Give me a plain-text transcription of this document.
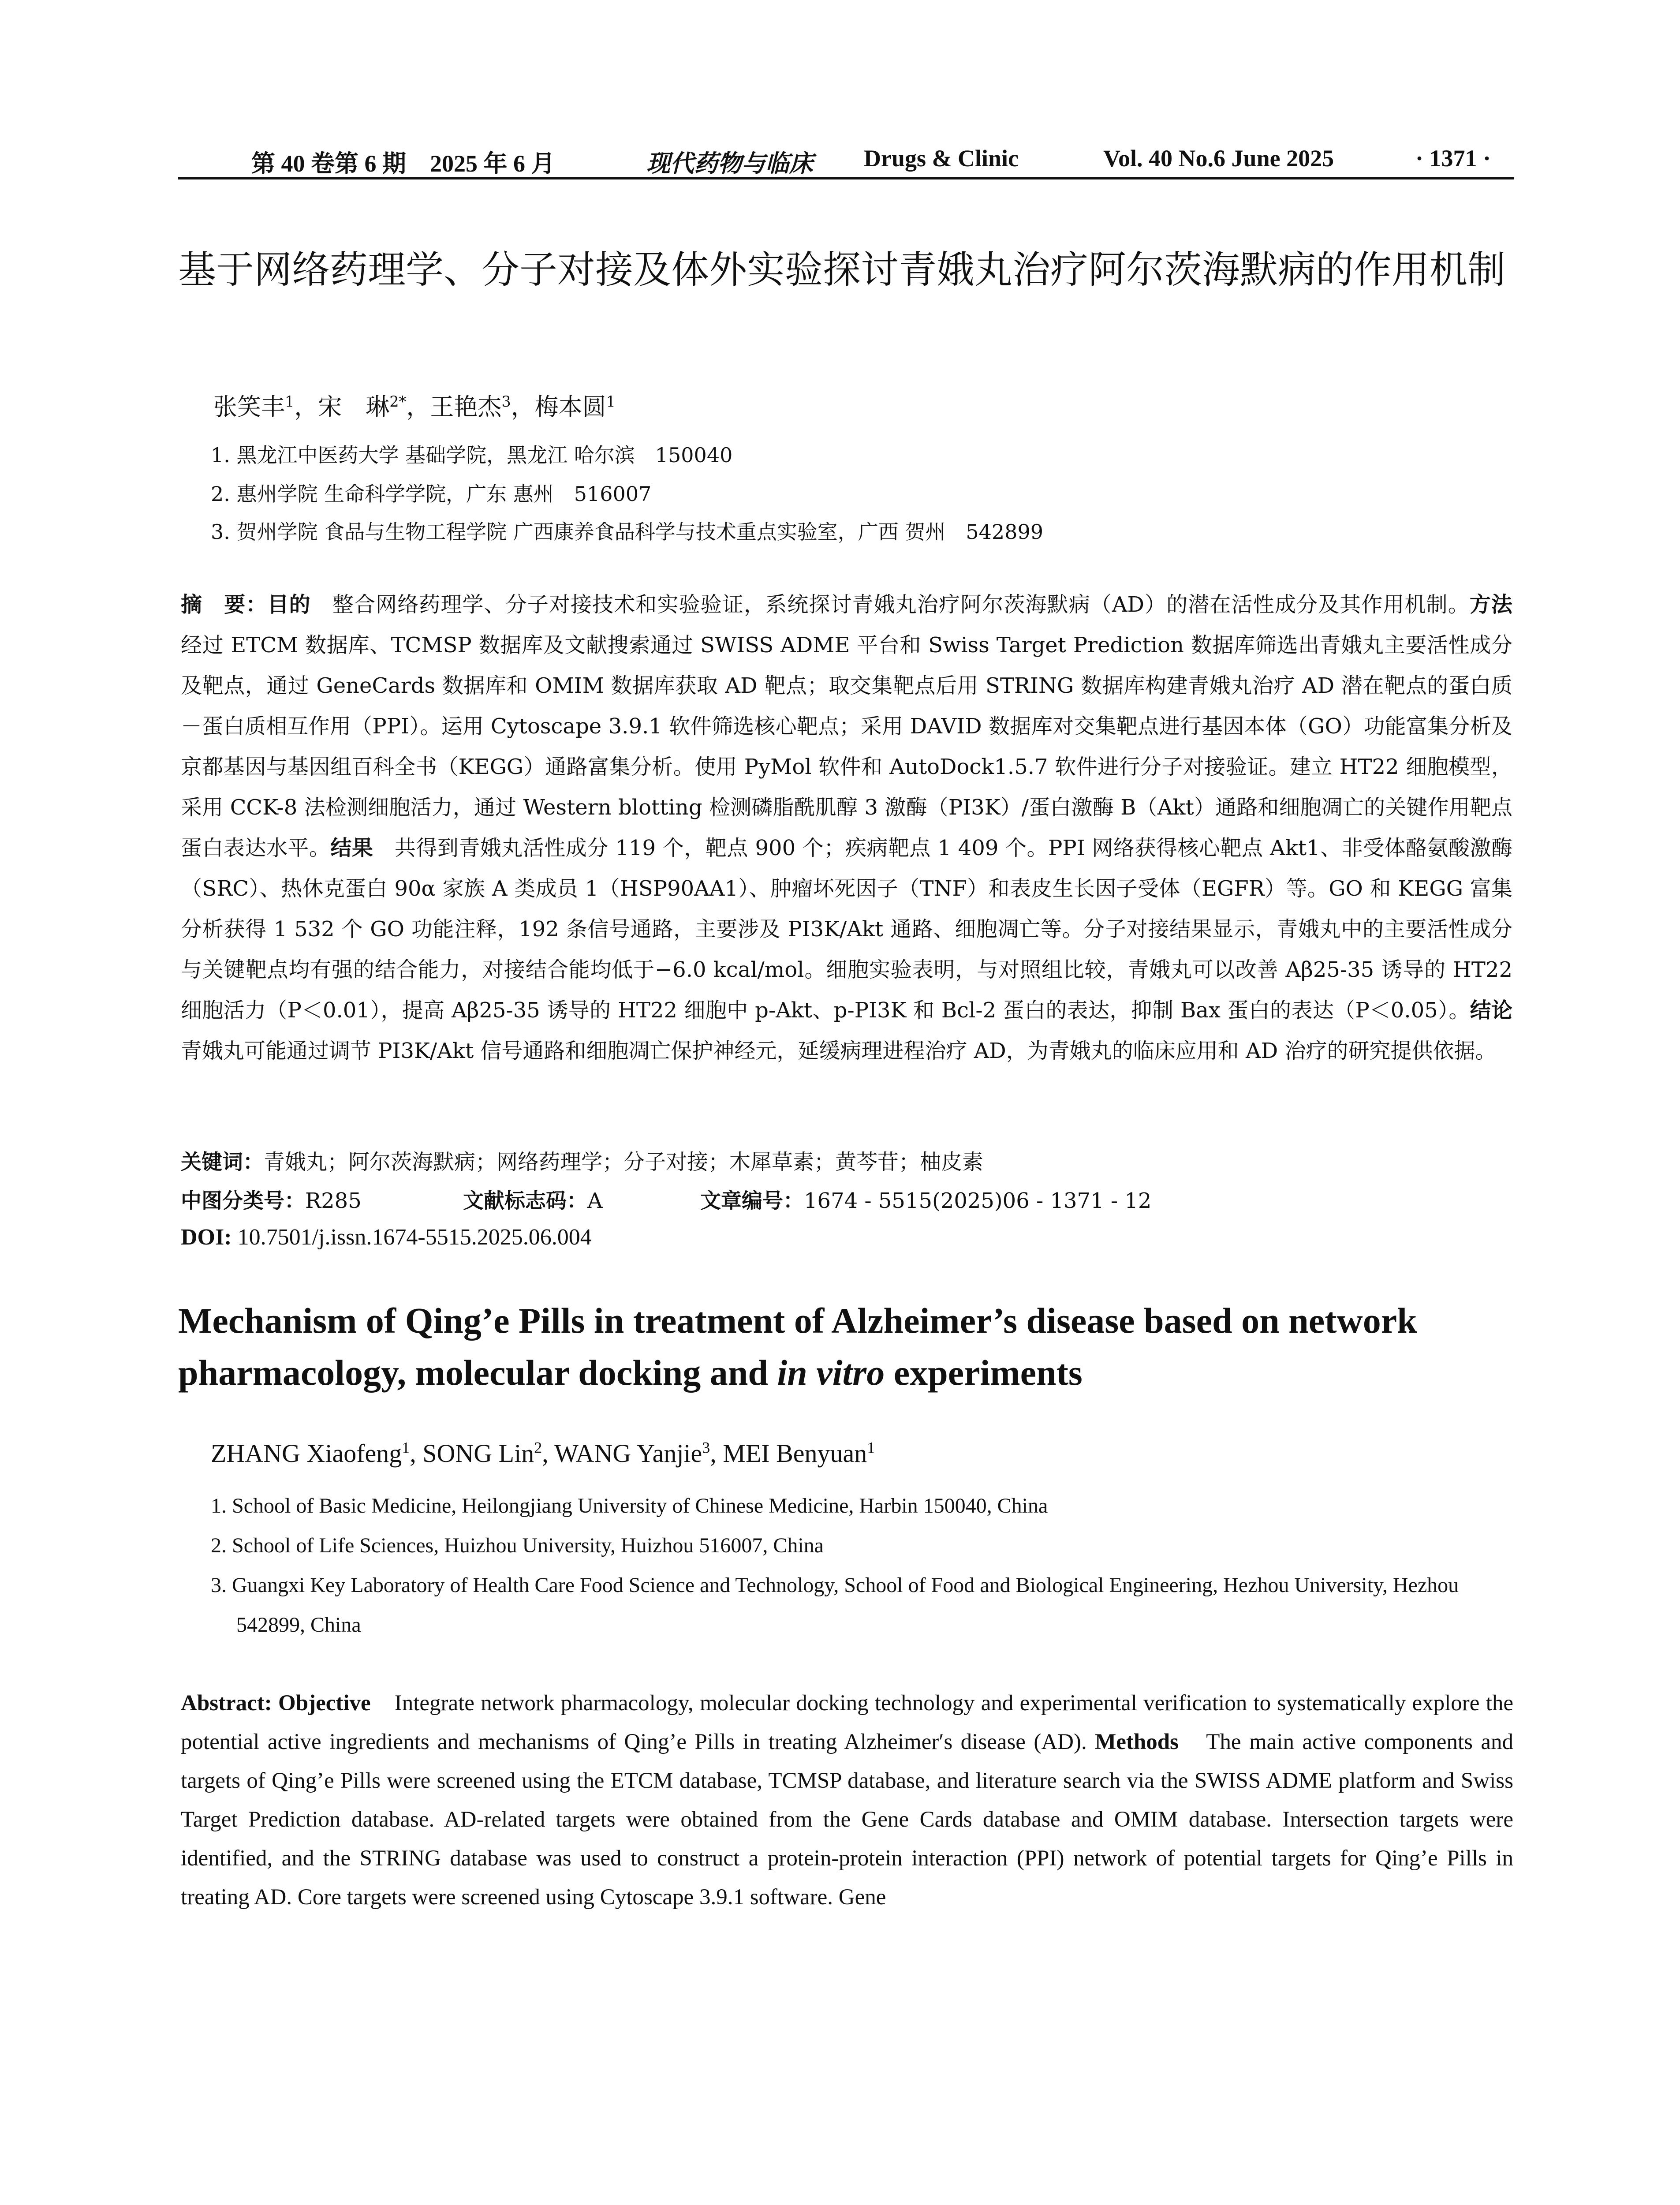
第 40 卷第 6 期　2025 年 6 月	现代药物与临床 Drugs & Clinic	Vol. 40 No.6 June 2025	· 1371 ·
基于网络药理学、分子对接及体外实验探讨青娥丸治疗阿尔茨海默病的作用机制
张笑丰$^1$，宋　琳$^{2*}$，王艳杰$^3$，梅本圆$^1$
1. 黑龙江中医药大学 基础学院，黑龙江 哈尔滨　150040
2. 惠州学院 生命科学学院，广东 惠州　516007
3. 贺州学院 食品与生物工程学院 广西康养食品科学与技术重点实验室，广西 贺州　542899

摘　要：目的　 整合网络药理学、分子对接技术和实验验证，系统探讨青娥丸治疗阿尔茨海默病（AD）的潜在活性成分及其作用机制。方法　经过 ETCM 数据库、TCMSP 数据库及文献搜索通过 SWISS ADME 平台和 Swiss Target Prediction 数据库筛选出青娥丸主要活性成分及靶点，通过 GeneCards 数据库和 OMIM 数据库获取 AD 靶点；取交集靶点后用 STRING 数据库构建青娥丸治疗 AD 潜在靶点的蛋白质－蛋白质相互作用（PPI）。运用 Cytoscape 3.9.1 软件筛选核心靶点；采用 DAVID 数据库对交集靶点进行基因本体（GO）功能富集分析及京都基因与基因组百科全书（KEGG）通路富集分析。使用 PyMol 软件和 AutoDock1.5.7 软件进行分子对接验证。建立 HT22 细胞模型，采用 CCK-8 法检测细胞活力，通过 Western blotting 检测磷脂酰肌醇 3 激酶（PI3K）/蛋白激酶 B（Akt）通路和细胞凋亡的关键作用靶点蛋白表达水平。结果　 共得到青娥丸活性成分 119 个，靶点 900 个；疾病靶点 1 409 个。PPI 网络获得核心靶点 Akt1、非受体酪氨酸激酶（SRC）、热休克蛋白 90α 家族 A 类成员 1（HSP90AA1）、肿瘤坏死因子（TNF）和表皮生长因子受体（EGFR）等。GO 和 KEGG 富集分析获得 1 532 个 GO 功能注释，192 条信号通路，主要涉及 PI3K/Akt 通路、细胞凋亡等。分子对接结果显示，青娥丸中的主要活性成分与关键靶点均有强的结合能力，对接结合能均低于−6.0 kcal/mol。细胞实验表明，与对照组比较，青娥丸可以改善 Aβ25-35 诱导的 HT22 细胞活力（P＜0.01），提高 Aβ25-35 诱导的 HT22 细胞中 p-Akt、p-PI3K 和 Bcl-2 蛋白的表达，抑制 Bax 蛋白的表达（P＜0.05）。结论　青娥丸可能通过调节 PI3K/Akt 信号通路和细胞凋亡保护神经元，延缓病理进程治疗 AD，为青娥丸的临床应用和 AD 治疗的研究提供依据。

关键词：青娥丸；阿尔茨海默病；网络药理学；分子对接；木犀草素；黄芩苷；柚皮素
中图分类号：R285	文献标志码：A	文章编号：1674 - 5515(2025)06 - 1371 - 12
DOI: 10.7501/j.issn.1674-5515.2025.06.004
Mechanism of Qing’e Pills in treatment of Alzheimer’s disease based on network
pharmacology, molecular docking and in vitro experiments
ZHANG Xiaofeng$^1$, SONG Lin$^2$, WANG Yanjie$^3$, MEI Benyuan$^1$
1. School of Basic Medicine, Heilongjiang University of Chinese Medicine, Harbin 150040, China
2. School of Life Sciences, Huizhou University, Huizhou 516007, China
3. Guangxi Key Laboratory of Health Care Food Science and Technology, School of Food and Biological Engineering, Hezhou University, Hezhou 542899, China

Abstract: Objective　 Integrate network pharmacology, molecular docking technology and experimental verification to systematically explore the potential active ingredients and mechanisms of Qing’e Pills in treating Alzheimer′s disease (AD). Methods　 The main active components and targets of Qing’e Pills were screened using the ETCM database, TCMSP database, and literature search via the SWISS ADME platform and Swiss Target Prediction database. AD-related targets were obtained from the Gene Cards database and OMIM database. Intersection targets were identified, and the STRING database was used to construct a protein-protein interaction (PPI) network of potential targets for Qing’e Pills in treating AD. Core targets were screened using Cytoscape 3.9.1 software. Gene
